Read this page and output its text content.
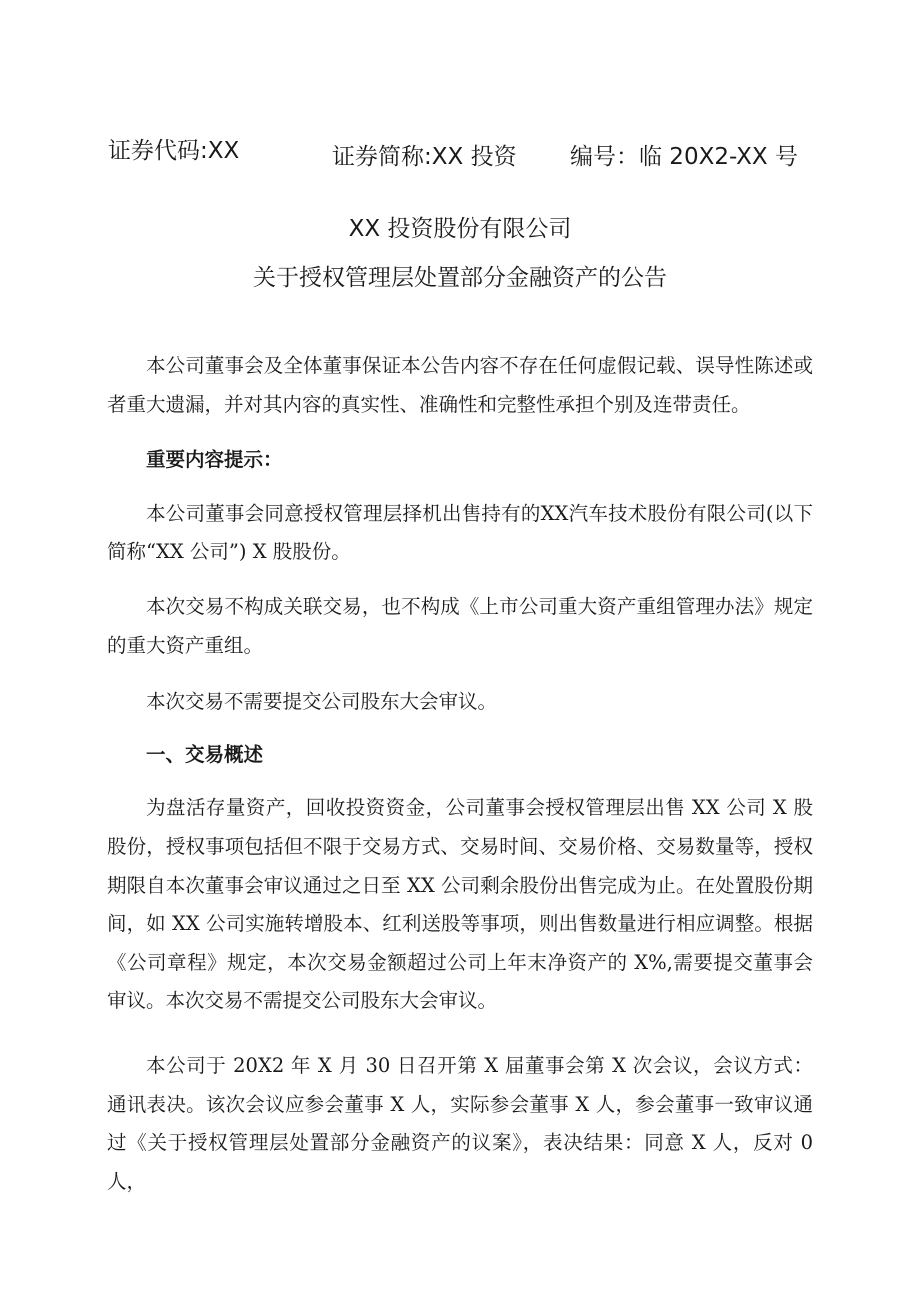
证券代码:XX	证券简称:XX 投资 编号：临 20X2-XX 号
XX 投资股份有限公司
关于授权管理层处置部分金融资产的公告

本公司董事会及全体董事保证本公告内容不存在任何虚假记载、误导性陈述或者重大遗漏，并对其内容的真实性、准确性和完整性承担个别及连带责任。

重要内容提示：

本公司董事会同意授权管理层择机出售持有的XX汽车技术股份有限公司(以下简称“XX 公司”) X 股股份。

本次交易不构成关联交易，也不构成《上市公司重大资产重组管理办法》规定的重大资产重组。

本次交易不需要提交公司股东大会审议。

一、交易概述

为盘活存量资产，回收投资资金，公司董事会授权管理层出售 XX 公司 X 股股份，授权事项包括但不限于交易方式、交易时间、交易价格、交易数量等，授权期限自本次董事会审议通过之日至 XX 公司剩余股份出售完成为止。在处置股份期间，如 XX 公司实施转增股本、红利送股等事项，则出售数量进行相应调整。根据《公司章程》规定，本次交易金额超过公司上年末净资产的 X%,需要提交董事会审议。本次交易不需提交公司股东大会审议。

本公司于 20X2 年 X 月 30 日召开第 X 届董事会第 X 次会议，会议方式：通讯表决。该次会议应参会董事 X 人，实际参会董事 X 人，参会董事一致审议通过《关于授权管理层处置部分金融资产的议案》，表决结果：同意 X 人，反对 0 人，
